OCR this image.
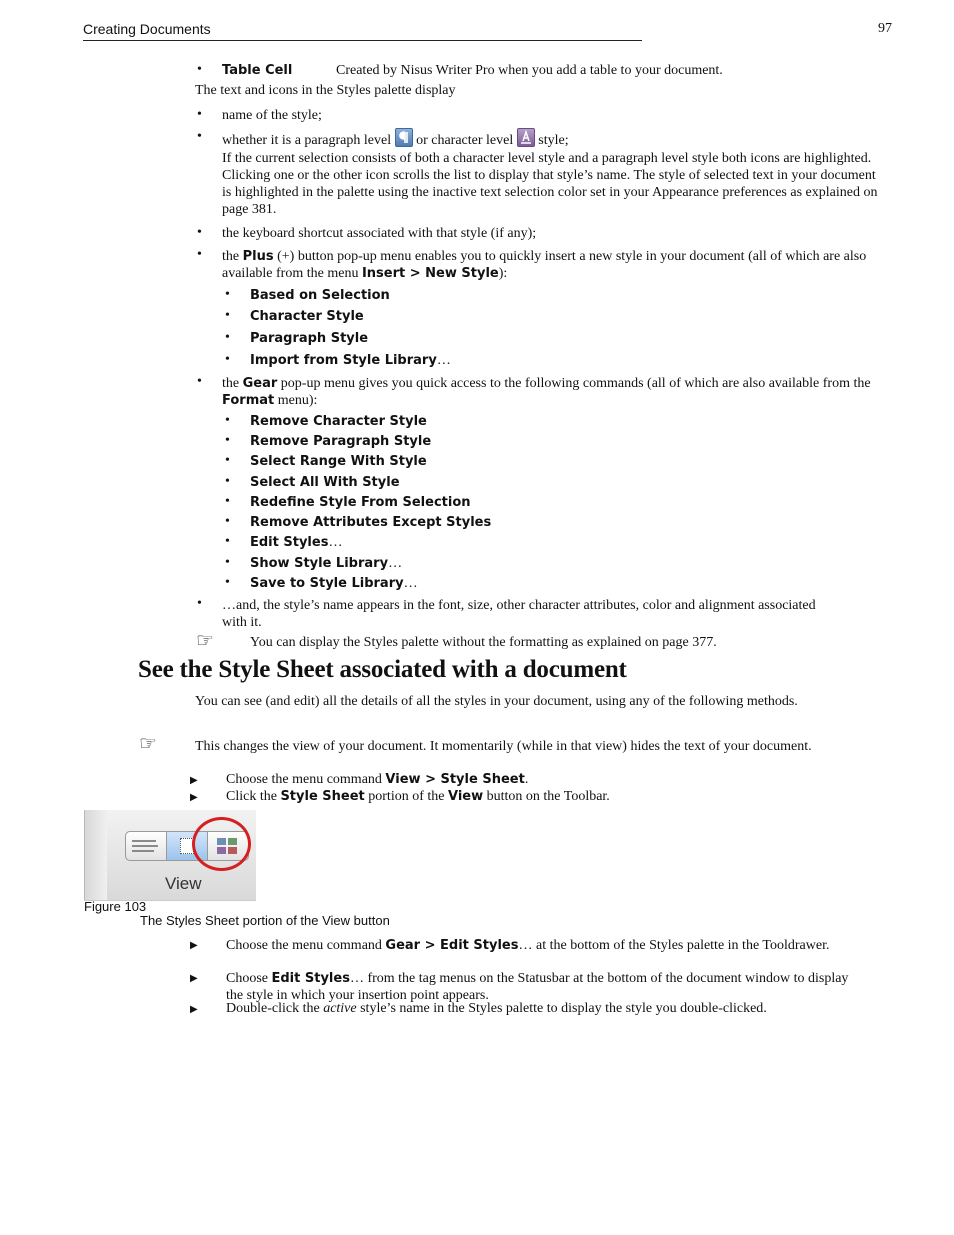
Creating Documents	97
• Table Cell	Created by Nisus Writer Pro when you add a table to your document.
The text and icons in the Styles palette display
• name of the style;
• whether it is a paragraph level or character level style;
If the current selection consists of both a character level style and a paragraph level style both icons are highlighted. Clicking one or the other icon scrolls the list to display that style’s name. The style of selected text in your document is highlighted in the palette using the inactive text selection color set in your Appearance preferences as explained on page 381.
• the keyboard shortcut associated with that style (if any);
• the Plus (+) button pop-up menu enables you to quickly insert a new style in your document (all of which are also available from the menu Insert > New Style):
• Based on Selection
• Character Style
• Paragraph Style
• Import from Style Library…
• the Gear pop-up menu gives you quick access to the following commands (all of which are also available from the Format menu):
• Remove Character Style
• Remove Paragraph Style
• Select Range With Style
• Select All With Style
• Redefine Style From Selection
• Remove Attributes Except Styles
• Edit Styles…
• Show Style Library…
• Save to Style Library…
• …and, the style’s name appears in the font, size, other character attributes, color and alignment associated with it.
☞	You can display the Styles palette without the formatting as explained on page 377.
See the Style Sheet associated with a document
You can see (and edit) all the details of all the styles in your document, using any of the following methods.
☞	This changes the view of your document. It momentarily (while in that view) hides the text of your document.
▶ Choose the menu command View > Style Sheet.
▶ Click the Style Sheet portion of the View button on the Toolbar.
View
Figure 103
The Styles Sheet portion of the View button
▶ Choose the menu command Gear > Edit Styles… at the bottom of the Styles palette in the Tooldrawer.
▶ Choose Edit Styles… from the tag menus on the Statusbar at the bottom of the document window to display the style in which your insertion point appears.
▶ Double-click the active style’s name in the Styles palette to display the style you double-clicked.
